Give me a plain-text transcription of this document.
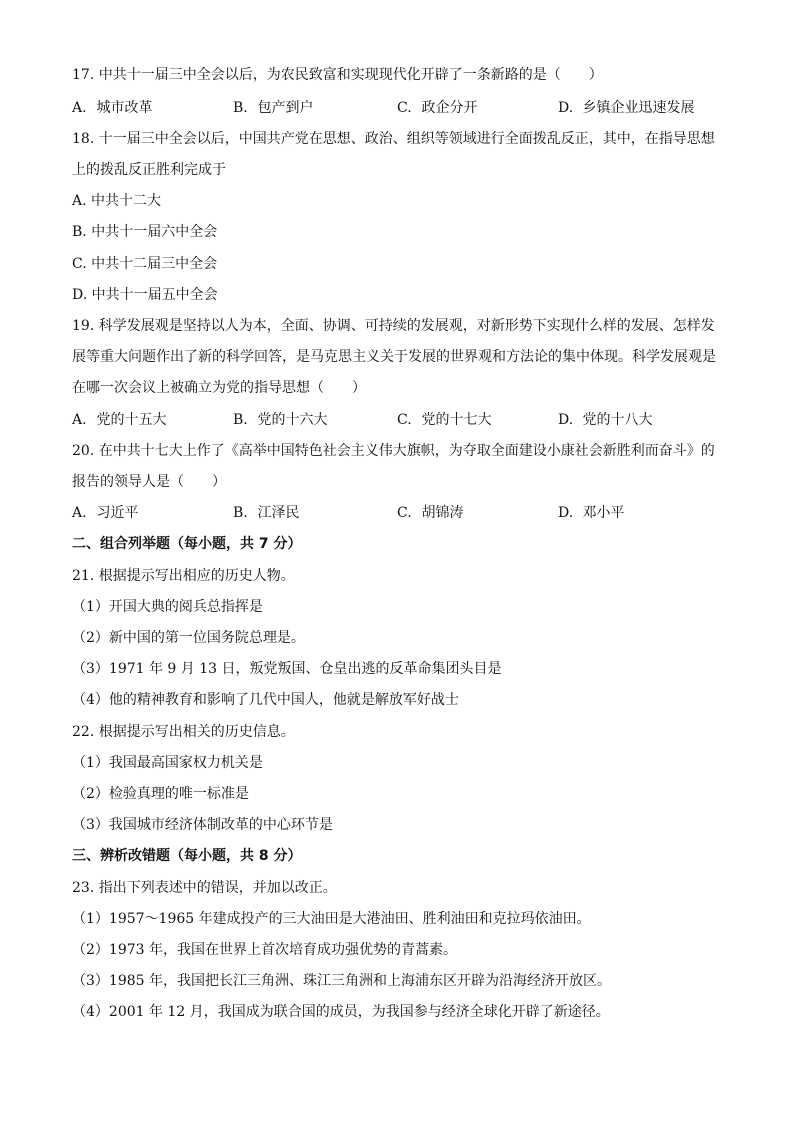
17. 中共十一届三中全会以后，为农民致富和实现现代化开辟了一条新路的是（　　）
A. 城市改革	B. 包产到户	C. 政企分开	D. 乡镇企业迅速发展
18. 十一届三中全会以后，中国共产党在思想、政治、组织等领域进行全面拨乱反正，其中，在指导思想
上的拨乱反正胜利完成于
A. 中共十二大
B. 中共十一届六中全会
C. 中共十二届三中全会
D. 中共十一届五中全会
19. 科学发展观是坚持以人为本，全面、协调、可持续的发展观，对新形势下实现什么样的发展、怎样发
展等重大问题作出了新的科学回答，是马克思主义关于发展的世界观和方法论的集中体现。科学发展观是
在哪一次会议上被确立为党的指导思想（　　）
A. 党的十五大	B. 党的十六大	C. 党的十七大	D. 党的十八大
20. 在中共十七大上作了《高举中国特色社会主义伟大旗帜，为夺取全面建设小康社会新胜利而奋斗》的
报告的领导人是（　　）
A. 习近平	B. 江泽民	C. 胡锦涛	D. 邓小平
二、组合列举题（每小题，共 7 分）
21. 根据提示写出相应的历史人物。
（1）开国大典的阅兵总指挥是
（2）新中国的第一位国务院总理是。
（3）1971 年 9 月 13 日，叛党叛国、仓皇出逃的反革命集团头目是
（4）他的精神教育和影响了几代中国人，他就是解放军好战士
22. 根据提示写出相关的历史信息。
（1）我国最高国家权力机关是
（2）检验真理的唯一标准是
（3）我国城市经济体制改革的中心环节是
三、辨析改错题（每小题，共 8 分）
23. 指出下列表述中的错误，并加以改正。
（1）1957～1965 年建成投产的三大油田是大港油田、胜利油田和克拉玛依油田。
（2）1973 年，我国在世界上首次培育成功强优势的青蒿素。
（3）1985 年，我国把长江三角洲、珠江三角洲和上海浦东区开辟为沿海经济开放区。
（4）2001 年 12 月，我国成为联合国的成员，为我国参与经济全球化开辟了新途径。
